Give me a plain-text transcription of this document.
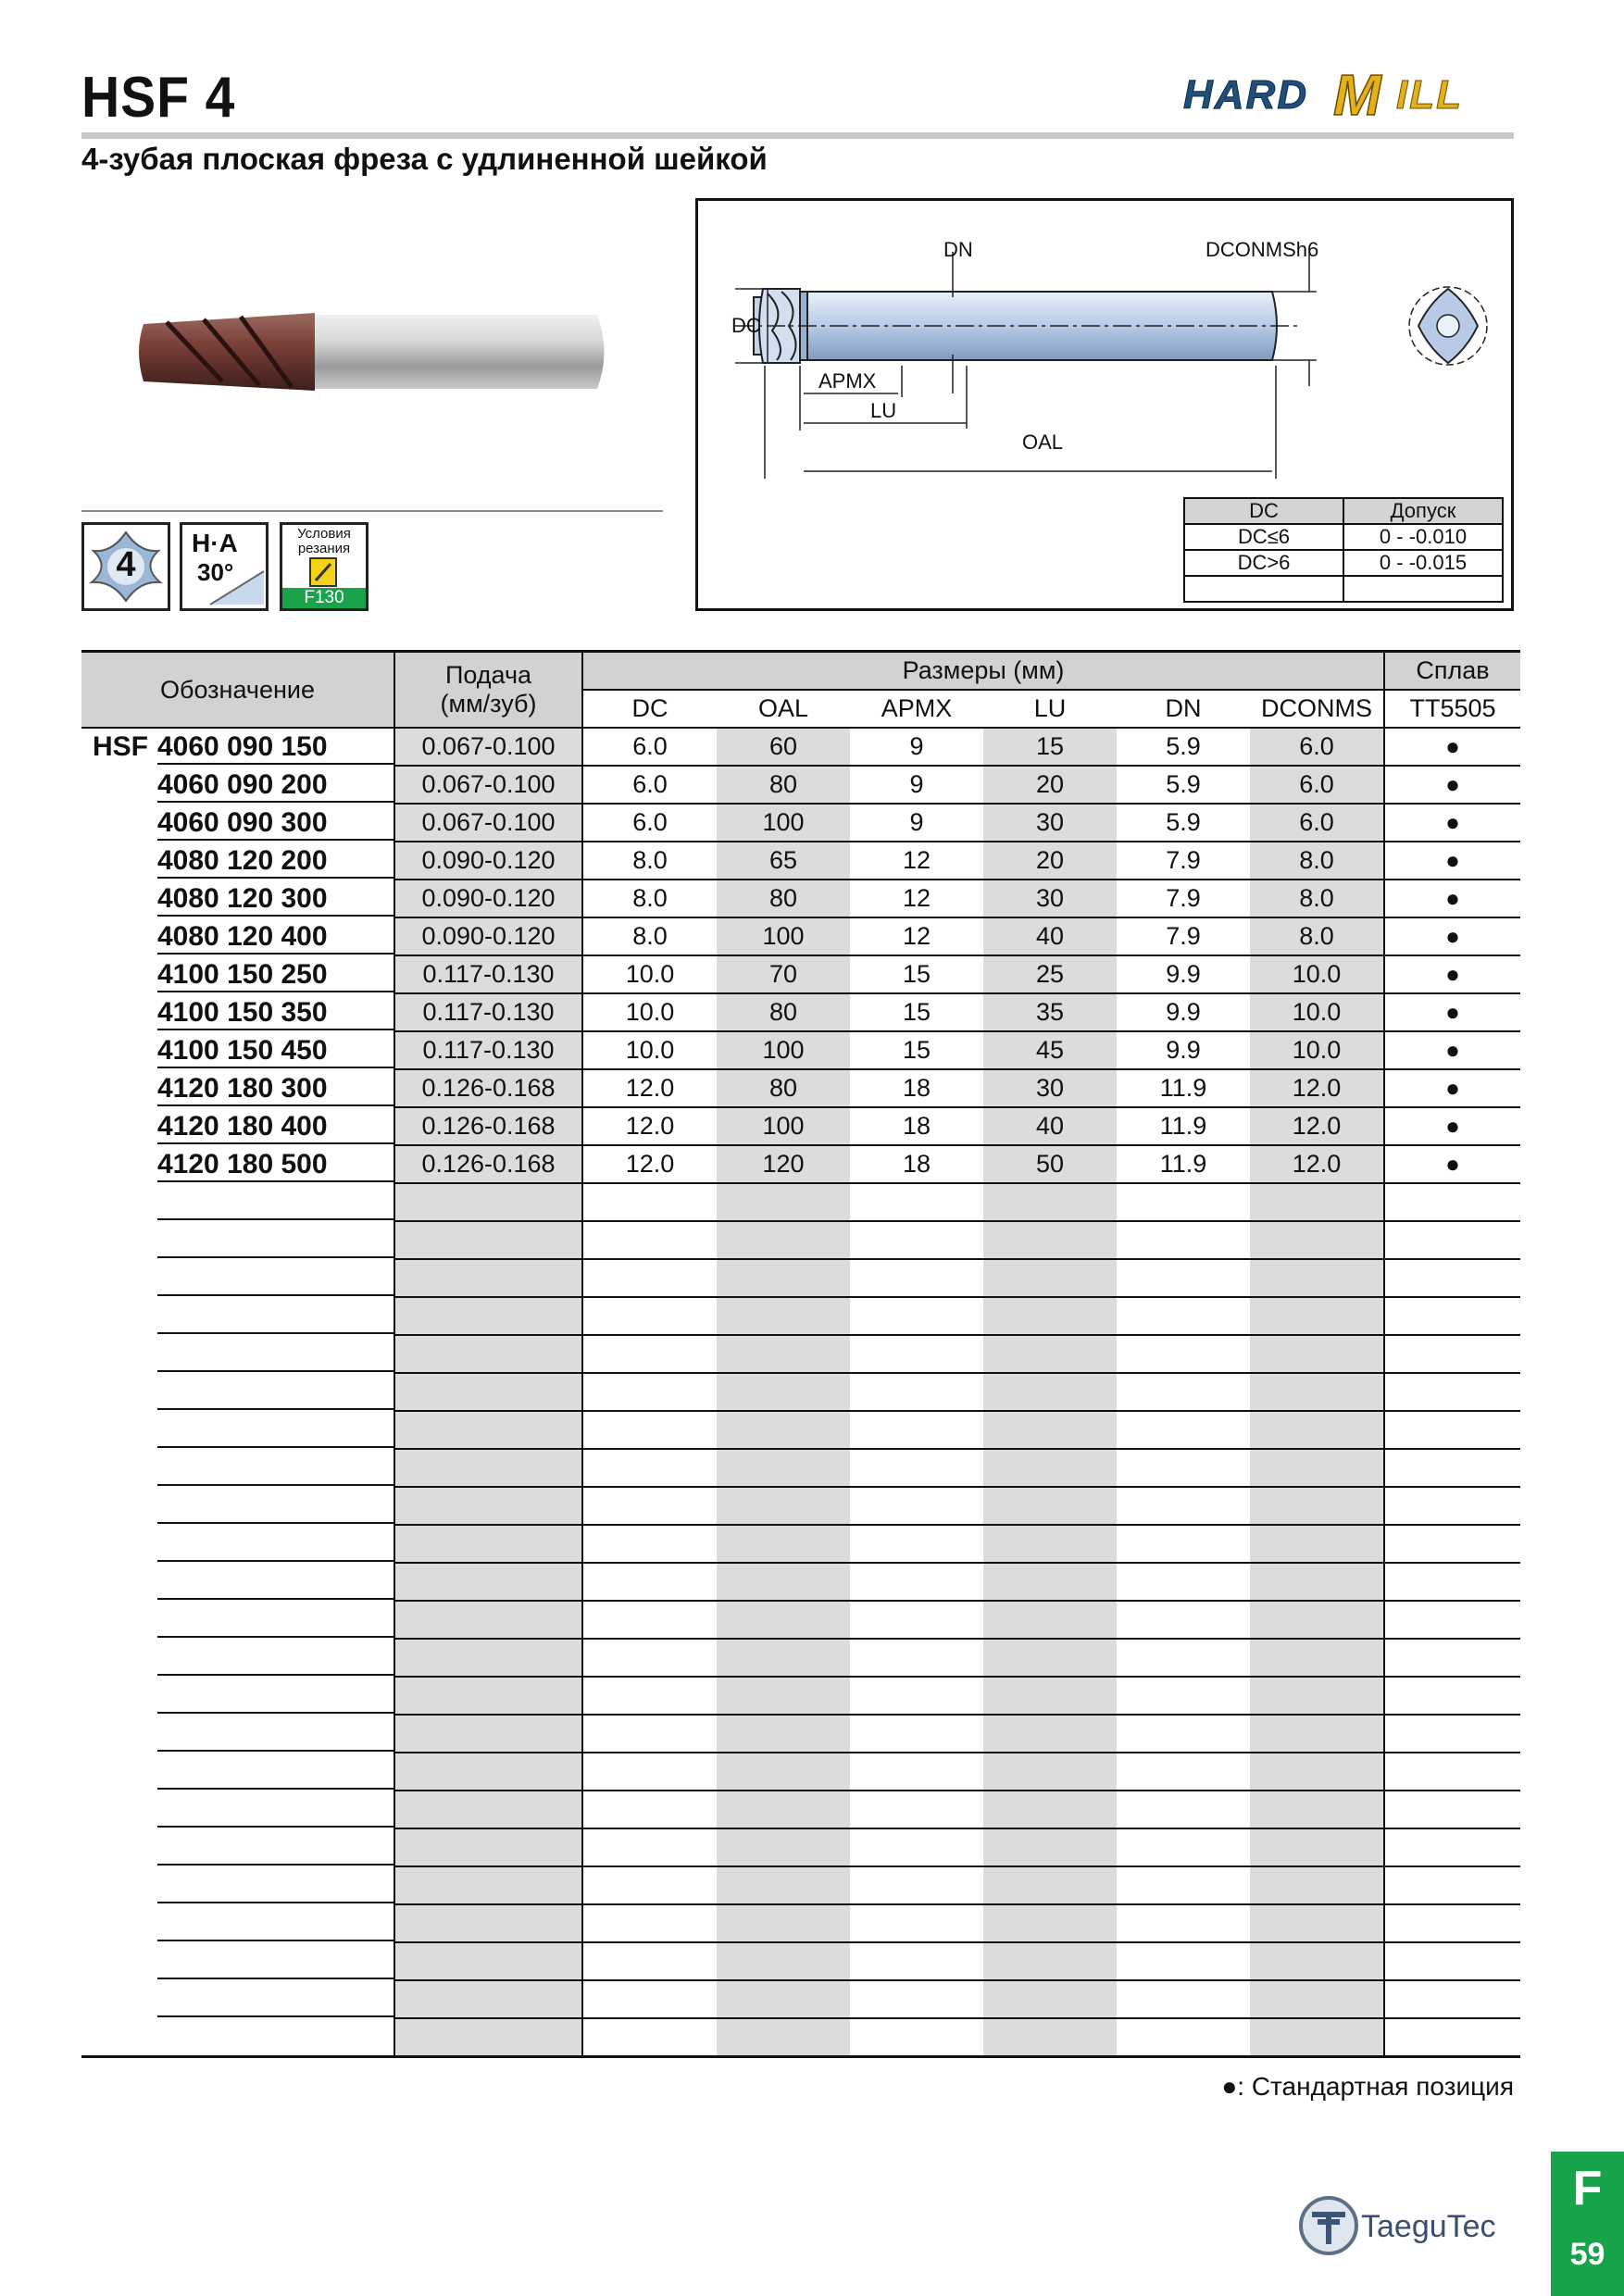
HSF 4	HARD M ILL
4-зубая плоская фреза с удлиненной шейкой
4
H·A
30°
Условия резания
F130
DN	DCONMSh6
DC
APMX
LU
OAL
DC	Допуск
DC≤6	0 - -0.010
DC>6	0 - -0.015

Обозначение	Подача
(мм/зуб)	Размеры (мм)						Сплав
		DC	OAL	APMX	LU	DN	DCONMS	TT5505

HSF 4060 090 150	0.067-0.100	6.0	60	9	15	5.9	6.0	●

4060 090 200	0.067-0.100	6.0	80	9	20	5.9	6.0	●

4060 090 300	0.067-0.100	6.0	100	9	30	5.9	6.0	●

4080 120 200	0.090-0.120	8.0	65	12	20	7.9	8.0	●

4080 120 300	0.090-0.120	8.0	80	12	30	7.9	8.0	●

4080 120 400	0.090-0.120	8.0	100	12	40	7.9	8.0	●

4100 150 250	0.117-0.130	10.0	70	15	25	9.9	10.0	●

4100 150 350	0.117-0.130	10.0	80	15	35	9.9	10.0	●

4100 150 450	0.117-0.130	10.0	100	15	45	9.9	10.0	●

4120 180 300	0.126-0.168	12.0	80	18	30	11.9	12.0	●

4120 180 400	0.126-0.168	12.0	100	18	40	11.9	12.0	●

4120 180 500	0.126-0.168	12.0	120	18	50	11.9	12.0	●

●: Стандартная позиция
TaeguTec
F
59
